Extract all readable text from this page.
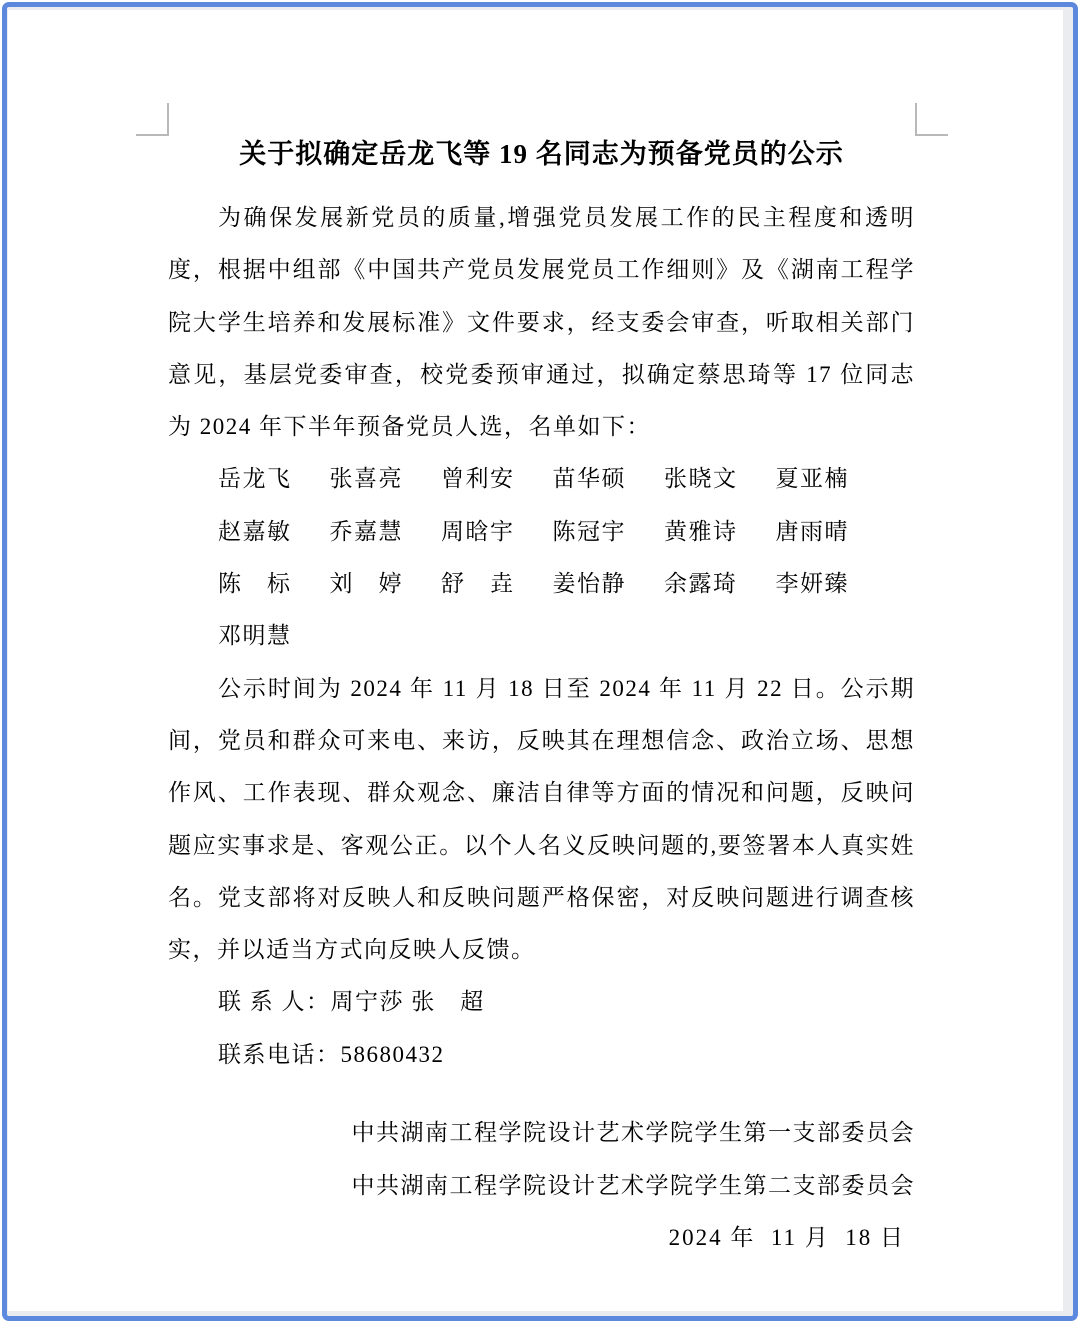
关于拟确定岳龙飞等 19 名同志为预备党员的公示

为确保发展新党员的质量,增强党员发展工作的民主程度和透明度，根据中组部《中国共产党员发展党员工作细则》及《湖南工程学院大学生培养和发展标准》文件要求，经支委会审查，听取相关部门意见，基层党委审查，校党委预审通过，拟确定蔡思琦等 17 位同志为 2024 年下半年预备党员人选，名单如下：

岳龙飞 张喜亮 曾利安 苗华硕 张晓文 夏亚楠
赵嘉敏 乔嘉慧 周晗宇 陈冠宇 黄雅诗 唐雨晴
陈　标 刘　婷 舒　垚 姜怡静 余露琦 李妍臻
邓明慧

公示时间为 2024 年 11 月 18 日至 2024 年 11 月 22 日。公示期间，党员和群众可来电、来访，反映其在理想信念、政治立场、思想作风、工作表现、群众观念、廉洁自律等方面的情况和问题，反映问题应实事求是、客观公正。以个人名义反映问题的,要签署本人真实姓名。党支部将对反映人和反映问题严格保密，对反映问题进行调查核实，并以适当方式向反映人反馈。

联 系 人：周宁莎 张　超

联系电话：58680432

中共湖南工程学院设计艺术学院学生第一支部委员会

中共湖南工程学院设计艺术学院学生第二支部委员会

2024 年  11 月  18 日
